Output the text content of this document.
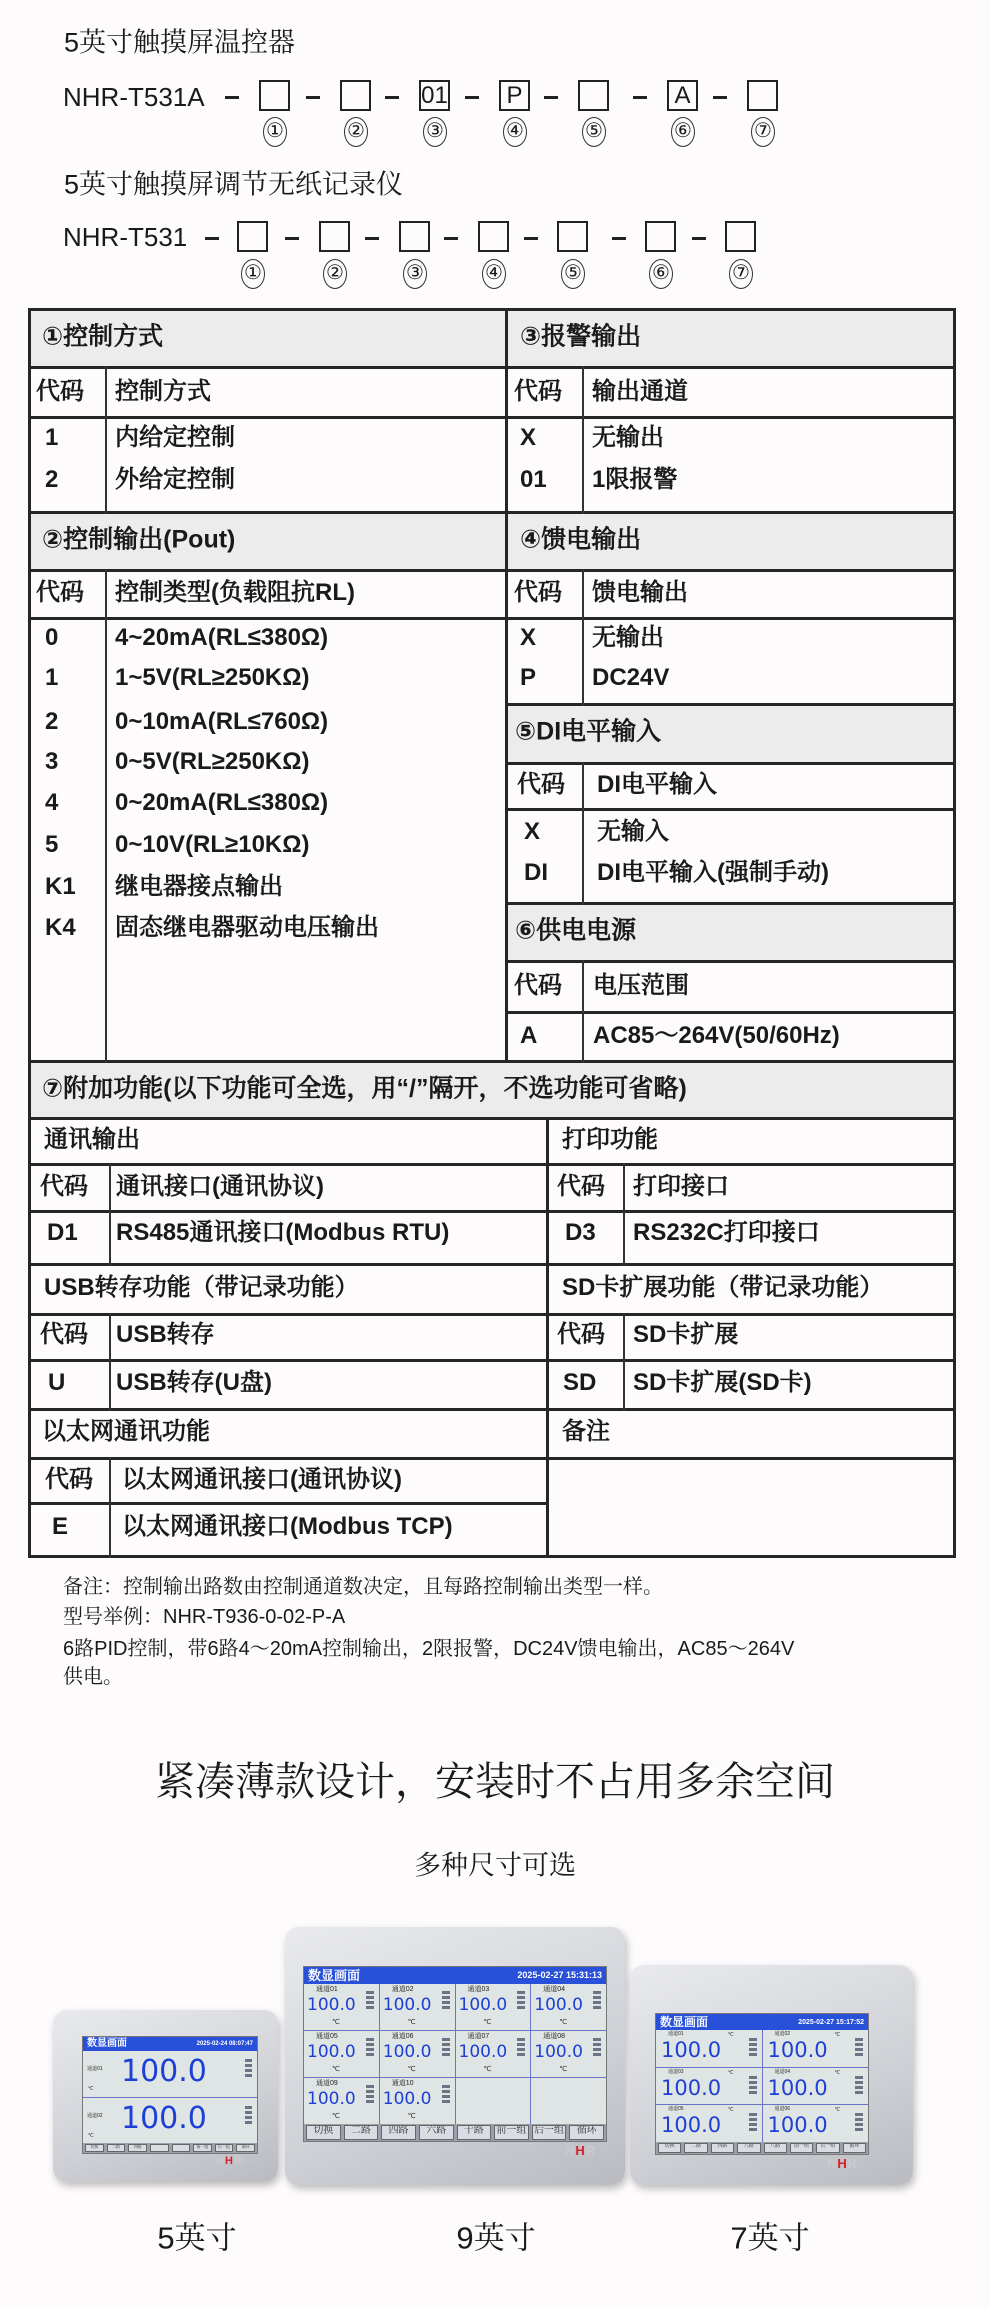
5英寸触摸屏温控器
NHR-T531A
①	②
01
③
P
④	⑤
A
⑥	⑦
5英寸触摸屏调节无纸记录仪
NHR-T531
①	②	③	④	⑤	⑥	⑦
①控制方式
代码 控制方式
1 内给定控制
2 外给定控制
③报警输出
代码 输出通道
X 无输出
01 1限报警
②控制输出(Pout)
代码 控制类型(负载阻抗RL)
0 4~20mA(RL≤380Ω)
1 1~5V(RL≥250KΩ)
2 0~10mA(RL≤760Ω)
3 0~5V(RL≥250KΩ)
4 0~20mA(RL≤380Ω)
5 0~10V(RL≥10KΩ)
K1 继电器接点输出
K4 固态继电器驱动电压输出
④馈电输出
代码 馈电输出
X 无输出
P DC24V
⑤DI电平输入
代码 DI电平输入
X 无输入
DI DI电平输入(强制手动)
⑥供电电源
代码 电压范围
A AC85～264V(50/60Hz)
⑦附加功能(以下功能可全选，用“/”隔开，不选功能可省略)
通讯输出
代码 通讯接口(通讯协议)
D1 RS485通讯接口(Modbus RTU)
打印功能
代码 打印接口
D3 RS232C打印接口
USB转存功能（带记录功能）
代码 USB转存
U USB转存(U盘)
SD卡扩展功能（带记录功能）
代码 SD卡扩展
SD SD卡扩展(SD卡)
以太网通讯功能
代码 以太网通讯接口(通讯协议)
E 以太网通讯接口(Modbus TCP)
备注
备注：控制输出路数由控制通道数决定，且每路控制输出类型一样。
型号举例：NHR-T936-0-02-P-A
6路PID控制，带6路4～20mA控制输出，2限报警，DC24V馈电输出，AC85～264V
供电。
紧凑薄款设计，安装时不占用多余空间
多种尺寸可选
数显画面	2025-02-24 08:07:47
通道01 100.0
℃
通道02 100.0
℃
切换	二路	四路	前一组	后一组	循环
NHR
数显画面	2025-02-27 15:31:13
通道01
100.0
℃
通道02
100.0
℃
通道03
100.0
℃
通道04
100.0
℃
通道05
100.0
℃
通道06
100.0
℃
通道07
100.0
℃
通道08
100.0
℃
通道09
100.0
℃
通道10
100.0
℃
切换	二路	四路	六路	十路	前一组 后一组	循环
NHR
数显画面	2025-02-27 15:17:52
通道01
100.0
℃	通道02
100.0
℃
通道03
100.0
℃	通道04
100.0
℃
通道05
100.0
℃	通道06
100.0
℃
切换	二路	四路	八路	八路	前一组	后一组	循环
NHR
5英寸	9英寸	7英寸
